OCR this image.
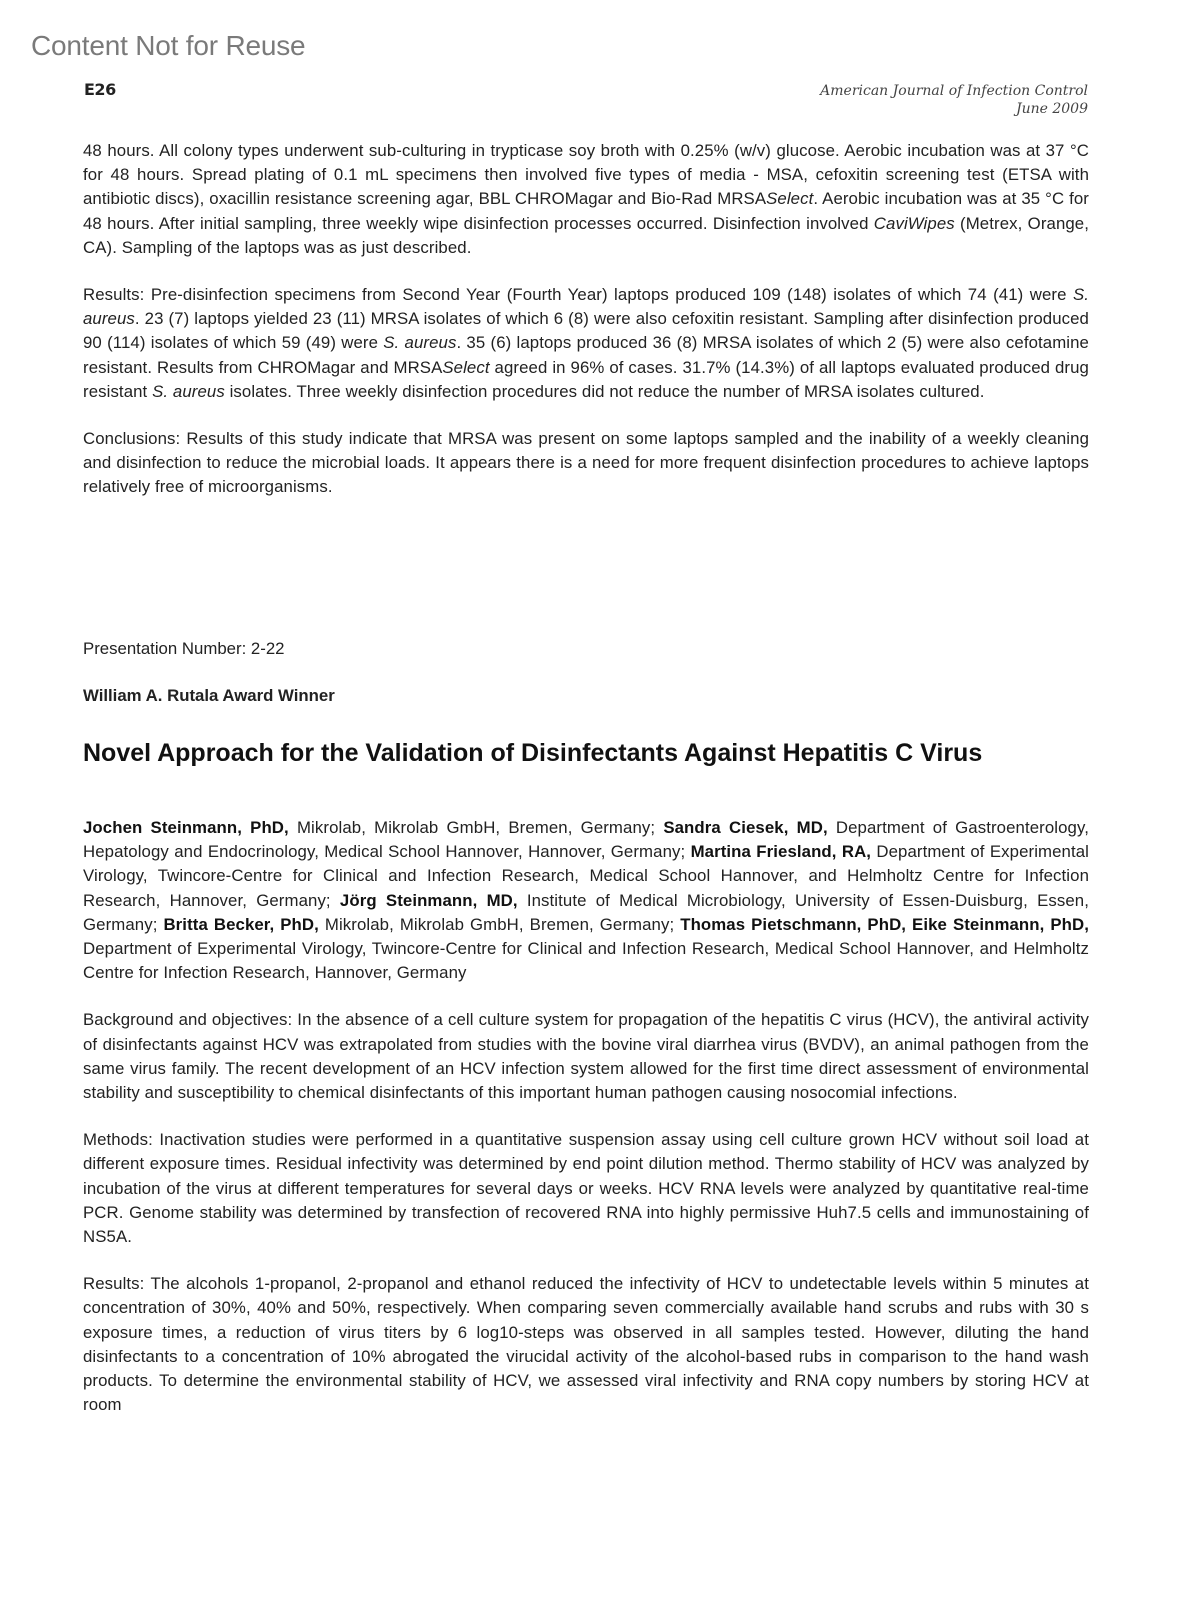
Content Not for Reuse
E26	American Journal of Infection Control
June 2009

48 hours. All colony types underwent sub-culturing in trypticase soy broth with 0.25% (w/v) glucose. Aerobic incubation was at 37 °C for 48 hours. Spread plating of 0.1 mL specimens then involved five types of media - MSA, cefoxitin screening test (ETSA with antibiotic discs), oxacillin resistance screening agar, BBL CHROMagar and Bio-Rad MRSASelect. Aerobic incubation was at 35 °C for 48 hours. After initial sampling, three weekly wipe disinfection processes occurred. Disinfection involved CaviWipes (Metrex, Orange, CA). Sampling of the laptops was as just described.

Results: Pre-disinfection specimens from Second Year (Fourth Year) laptops produced 109 (148) isolates of which 74 (41) were S. aureus. 23 (7) laptops yielded 23 (11) MRSA isolates of which 6 (8) were also cefoxitin resistant. Sampling after disinfection produced 90 (114) isolates of which 59 (49) were S. aureus. 35 (6) laptops produced 36 (8) MRSA isolates of which 2 (5) were also cefotamine resistant. Results from CHROMagar and MRSASelect agreed in 96% of cases. 31.7% (14.3%) of all laptops evaluated produced drug resistant S. aureus isolates. Three weekly disinfection procedures did not reduce the number of MRSA isolates cultured.

Conclusions: Results of this study indicate that MRSA was present on some laptops sampled and the inability of a weekly cleaning and disinfection to reduce the microbial loads. It appears there is a need for more frequent disinfection procedures to achieve laptops relatively free of microorganisms.

Presentation Number: 2-22
William A. Rutala Award Winner
Novel Approach for the Validation of Disinfectants Against Hepatitis C Virus

Jochen Steinmann, PhD, Mikrolab, Mikrolab GmbH, Bremen, Germany; Sandra Ciesek, MD, Department of Gastroenterology, Hepatology and Endocrinology, Medical School Hannover, Hannover, Germany; Martina Friesland, RA, Department of Experimental Virology, Twincore-Centre for Clinical and Infection Research, Medical School Hannover, and Helmholtz Centre for Infection Research, Hannover, Germany; Jörg Steinmann, MD, Institute of Medical Microbiology, University of Essen-Duisburg, Essen, Germany; Britta Becker, PhD, Mikrolab, Mikrolab GmbH, Bremen, Germany; Thomas Pietschmann, PhD, Eike Steinmann, PhD, Department of Experimental Virology, Twincore-Centre for Clinical and Infection Research, Medical School Hannover, and Helmholtz Centre for Infection Research, Hannover, Germany

Background and objectives: In the absence of a cell culture system for propagation of the hepatitis C virus (HCV), the antiviral activity of disinfectants against HCV was extrapolated from studies with the bovine viral diarrhea virus (BVDV), an animal pathogen from the same virus family. The recent development of an HCV infection system allowed for the first time direct assessment of environmental stability and susceptibility to chemical disinfectants of this important human pathogen causing nosocomial infections.

Methods: Inactivation studies were performed in a quantitative suspension assay using cell culture grown HCV without soil load at different exposure times. Residual infectivity was determined by end point dilution method. Thermo stability of HCV was analyzed by incubation of the virus at different temperatures for several days or weeks. HCV RNA levels were analyzed by quantitative real-time PCR. Genome stability was determined by transfection of recovered RNA into highly permissive Huh7.5 cells and immunostaining of NS5A.

Results: The alcohols 1-propanol, 2-propanol and ethanol reduced the infectivity of HCV to undetectable levels within 5 minutes at concentration of 30%, 40% and 50%, respectively. When comparing seven commercially available hand scrubs and rubs with 30 s exposure times, a reduction of virus titers by 6 log10-steps was observed in all samples tested. However, diluting the hand disinfectants to a concentration of 10% abrogated the virucidal activity of the alcohol-based rubs in comparison to the hand wash products. To determine the environmental stability of HCV, we assessed viral infectivity and RNA copy numbers by storing HCV at room
